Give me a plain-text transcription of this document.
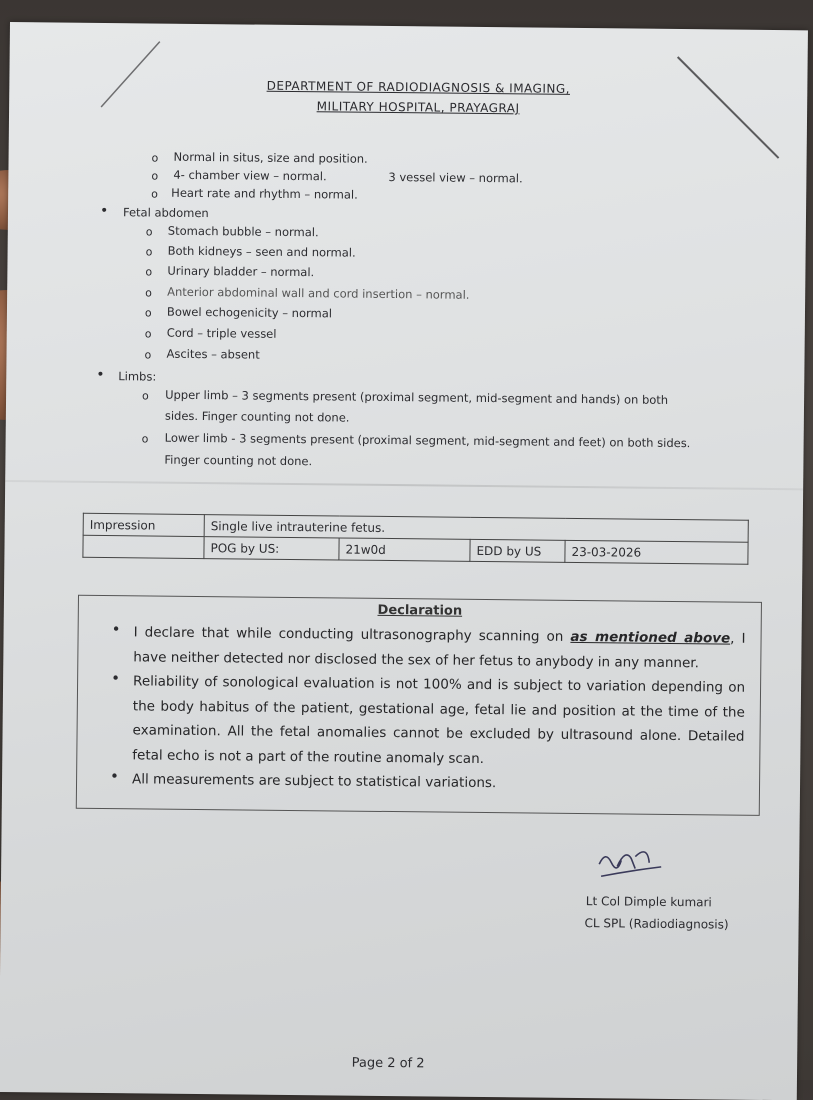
DEPARTMENT OF RADIODIAGNOSIS & IMAGING,
MILITARY HOSPITAL, PRAYAGRAJ
o Normal in situs, size and position.
o 4- chamber view – normal.	3 vessel view – normal.
o Heart rate and rhythm – normal.
• Fetal abdomen
o Stomach bubble – normal.
o Both kidneys – seen and normal.
o Urinary bladder – normal.
o Anterior abdominal wall and cord insertion – normal.
o Bowel echogenicity – normal
o Cord – triple vessel
o Ascites – absent
• Limbs:
o Upper limb – 3 segments present (proximal segment, mid-segment and hands) on both
sides. Finger counting not done.
o Lower limb - 3 segments present (proximal segment, mid-segment and feet) on both sides.
Finger counting not done.
Impression	Single live intrauterine fetus.			
	POG by US:	21w0d	EDD by US	23-03-2026
Declaration
• I declare that while conducting ultrasonography scanning on as mentioned above, I have neither detected nor disclosed the sex of her fetus to anybody in any manner.
• Reliability of sonological evaluation is not 100% and is subject to variation depending on the body habitus of the patient, gestational age, fetal lie and position at the time of the examination. All the fetal anomalies cannot be excluded by ultrasound alone. Detailed fetal echo is not a part of the routine anomaly scan.
• All measurements are subject to statistical variations.
Lt Col Dimple kumari
CL SPL (Radiodiagnosis)
Page 2 of 2
